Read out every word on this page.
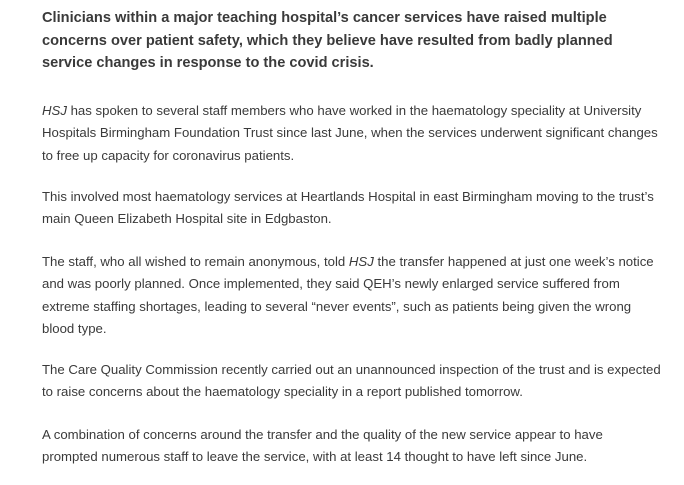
Clinicians within a major teaching hospital’s cancer services have raised multiple concerns over patient safety, which they believe have resulted from badly planned service changes in response to the covid crisis.

HSJ has spoken to several staff members who have worked in the haematology speciality at University Hospitals Birmingham Foundation Trust since last June, when the services underwent significant changes to free up capacity for coronavirus patients.

This involved most haematology services at Heartlands Hospital in east Birmingham moving to the trust’s main Queen Elizabeth Hospital site in Edgbaston.

The staff, who all wished to remain anonymous, told HSJ the transfer happened at just one week’s notice and was poorly planned. Once implemented, they said QEH’s newly enlarged service suffered from extreme staffing shortages, leading to several “never events”, such as patients being given the wrong blood type.

The Care Quality Commission recently carried out an unannounced inspection of the trust and is expected to raise concerns about the haematology speciality in a report published tomorrow.

A combination of concerns around the transfer and the quality of the new service appear to have prompted numerous staff to leave the service, with at least 14 thought to have left since June.
